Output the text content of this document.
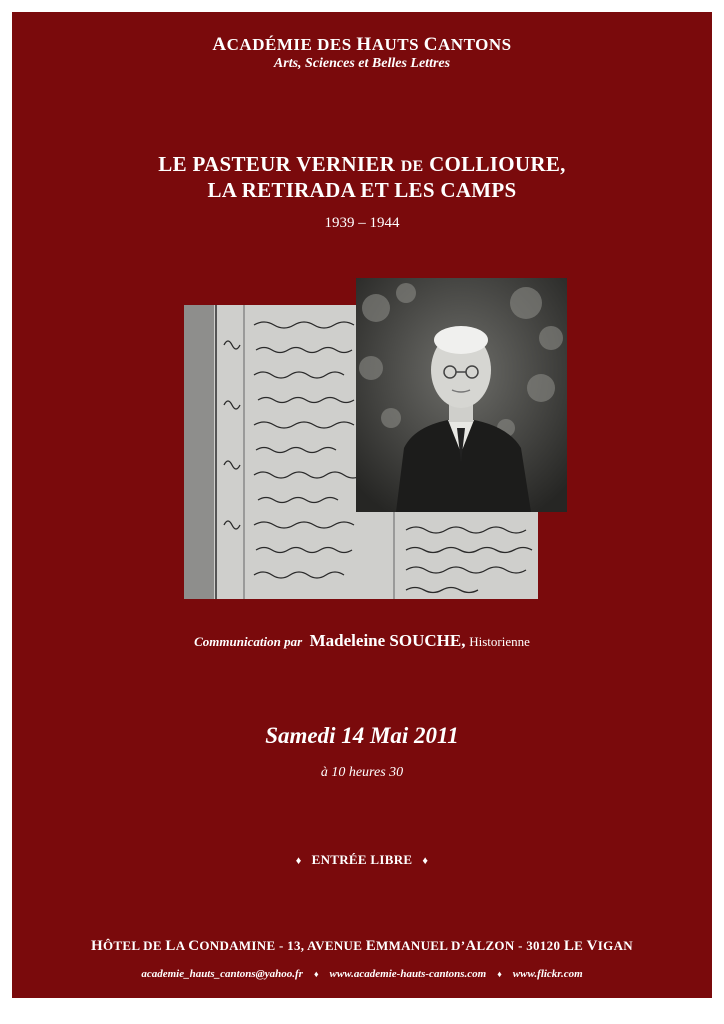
ACADÉMIE DES HAUTS CANTONS
Arts, Sciences et Belles Lettres
LE PASTEUR VERNIER DE COLLIOURE,
LA RETIRADA ET LES CAMPS
1939 – 1944
Communication par Madeleine SOUCHE, Historienne
Samedi 14 Mai 2011
à 10 heures 30
♦ ENTRÉE LIBRE ♦
HÔTEL DE LA CONDAMINE - 13, AVENUE EMMANUEL D’ALZON - 30120 LE VIGAN
academie_hauts_cantons@yahoo.fr ♦ www.academie-hauts-cantons.com ♦ www.flickr.com
